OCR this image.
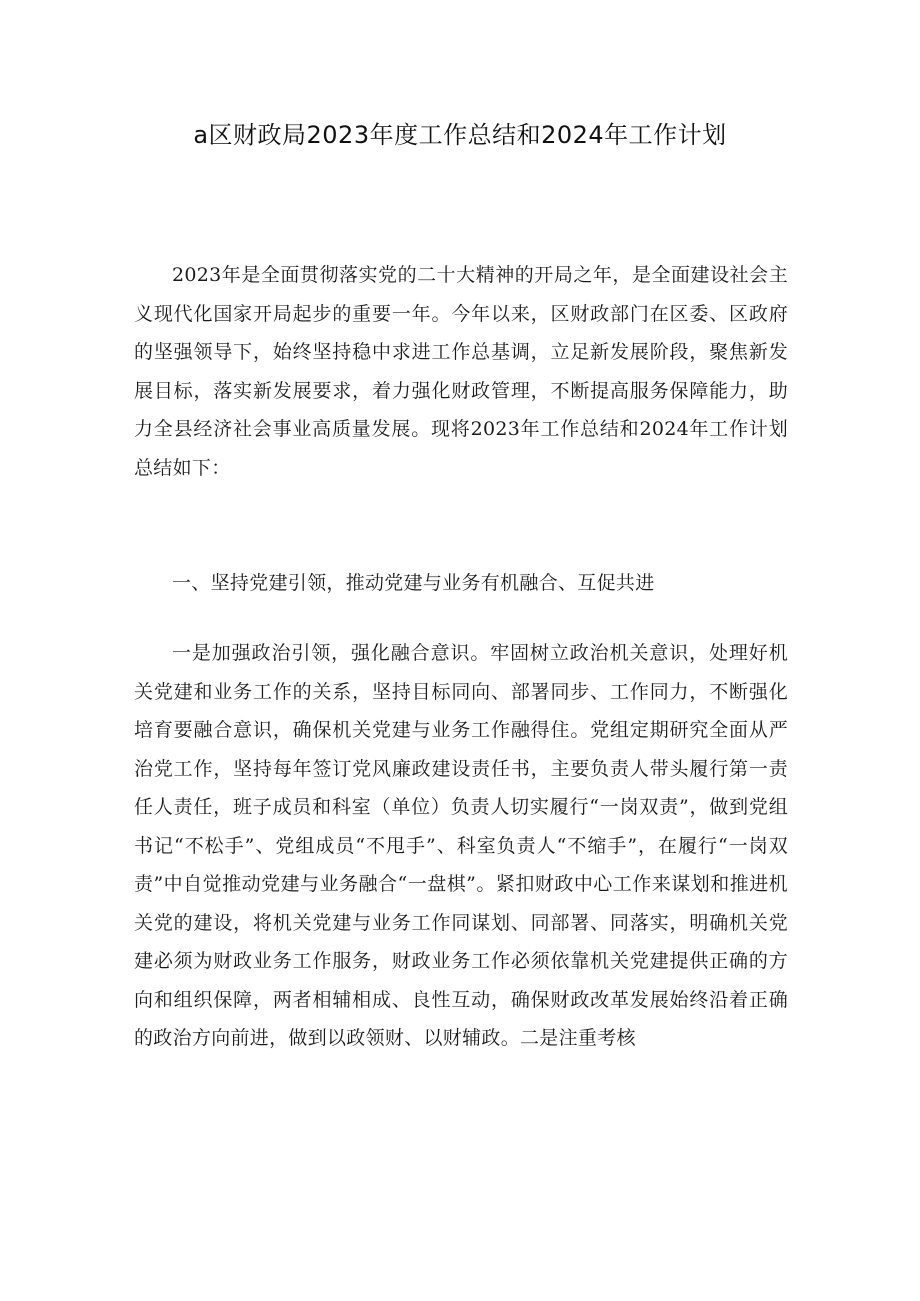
a区财政局2023年度工作总结和2024年工作计划

2023年是全面贯彻落实党的二十大精神的开局之年，是全面建设社会主义现代化国家开局起步的重要一年。今年以来，区财政部门在区委、区政府的坚强领导下，始终坚持稳中求进工作总基调，立足新发展阶段，聚焦新发展目标，落实新发展要求，着力强化财政管理，不断提高服务保障能力，助力全县经济社会事业高质量发展。现将2023年工作总结和2024年工作计划总结如下：

一、坚持党建引领，推动党建与业务有机融合、互促共进

一是加强政治引领，强化融合意识。牢固树立政治机关意识，处理好机关党建和业务工作的关系，坚持目标同向、部署同步、工作同力，不断强化培育要融合意识，确保机关党建与业务工作融得住。党组定期研究全面从严治党工作，坚持每年签订党风廉政建设责任书，主要负责人带头履行第一责任人责任，班子成员和科室（单位）负责人切实履行“一岗双责”，做到党组书记“不松手”、党组成员“不甩手”、科室负责人“不缩手”，在履行“一岗双责”中自觉推动党建与业务融合“一盘棋”。紧扣财政中心工作来谋划和推进机关党的建设，将机关党建与业务工作同谋划、同部署、同落实，明确机关党建必须为财政业务工作服务，财政业务工作必须依靠机关党建提供正确的方向和组织保障，两者相辅相成、良性互动，确保财政改革发展始终沿着正确的政治方向前进，做到以政领财、以财辅政。二是注重考核
